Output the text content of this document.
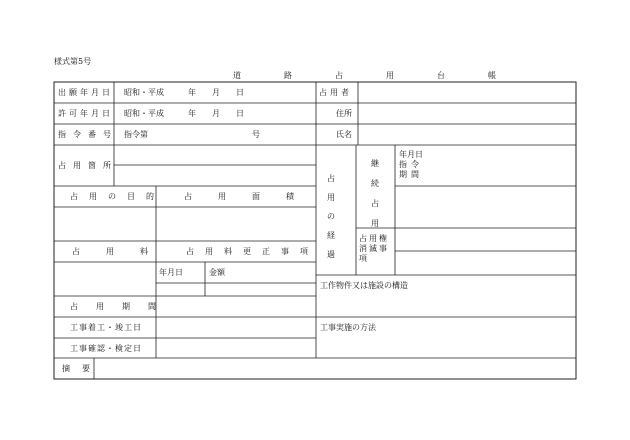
様式第5号
道路占用台帳
出願年月日 昭和・平成　　　年　　月　　日
許可年月日 昭和・平成　　　年　　月　　日
指令番号 指令第　　　　　　　　　　　　　号
占用箇所
占用の目的 占用面積
占用料 占用料更正事項
年月日	金額
占用期間
工事着工・竣工日
工事確認・検定日
摘要
占用者
住所
氏名
占用の経過
継続占用
年月日
指令
期間
占用権消滅事項
工作物件又は施設の構造
工事実施の方法
